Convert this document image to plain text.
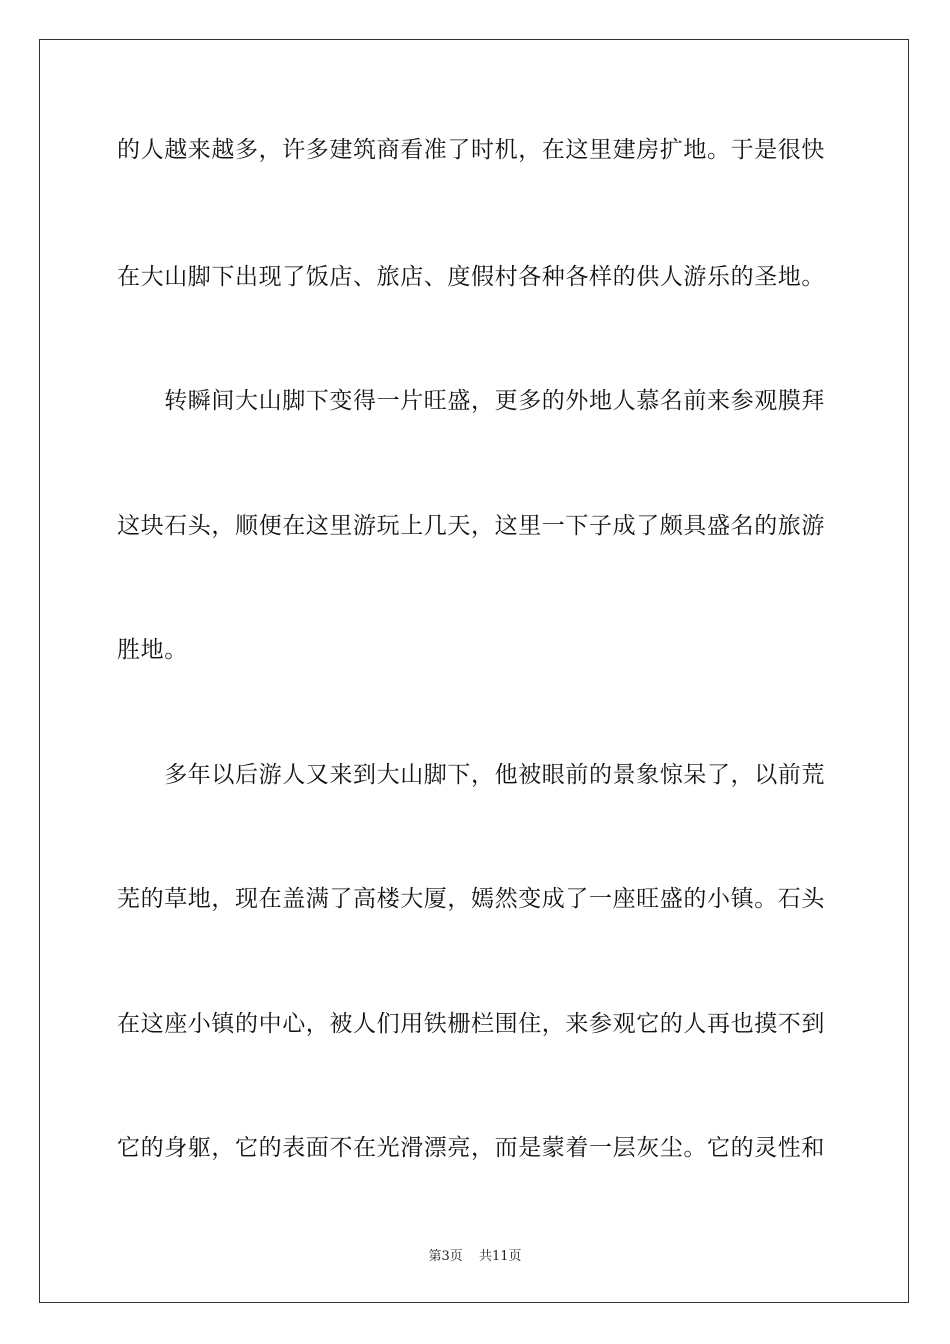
的人越来越多，许多建筑商看准了时机，在这里建房扩地。于是很快
在大山脚下出现了饭店、旅店、度假村各种各样的供人游乐的圣地。
　　转瞬间大山脚下变得一片旺盛，更多的外地人慕名前来参观膜拜
这块石头，顺便在这里游玩上几天，这里一下子成了颇具盛名的旅游
胜地。
　　多年以后游人又来到大山脚下，他被眼前的景象惊呆了，以前荒
芜的草地，现在盖满了高楼大厦，嫣然变成了一座旺盛的小镇。石头
在这座小镇的中心，被人们用铁栅栏围住，来参观它的人再也摸不到
它的身躯，它的表面不在光滑漂亮，而是蒙着一层灰尘。它的灵性和
第3页 共11页
